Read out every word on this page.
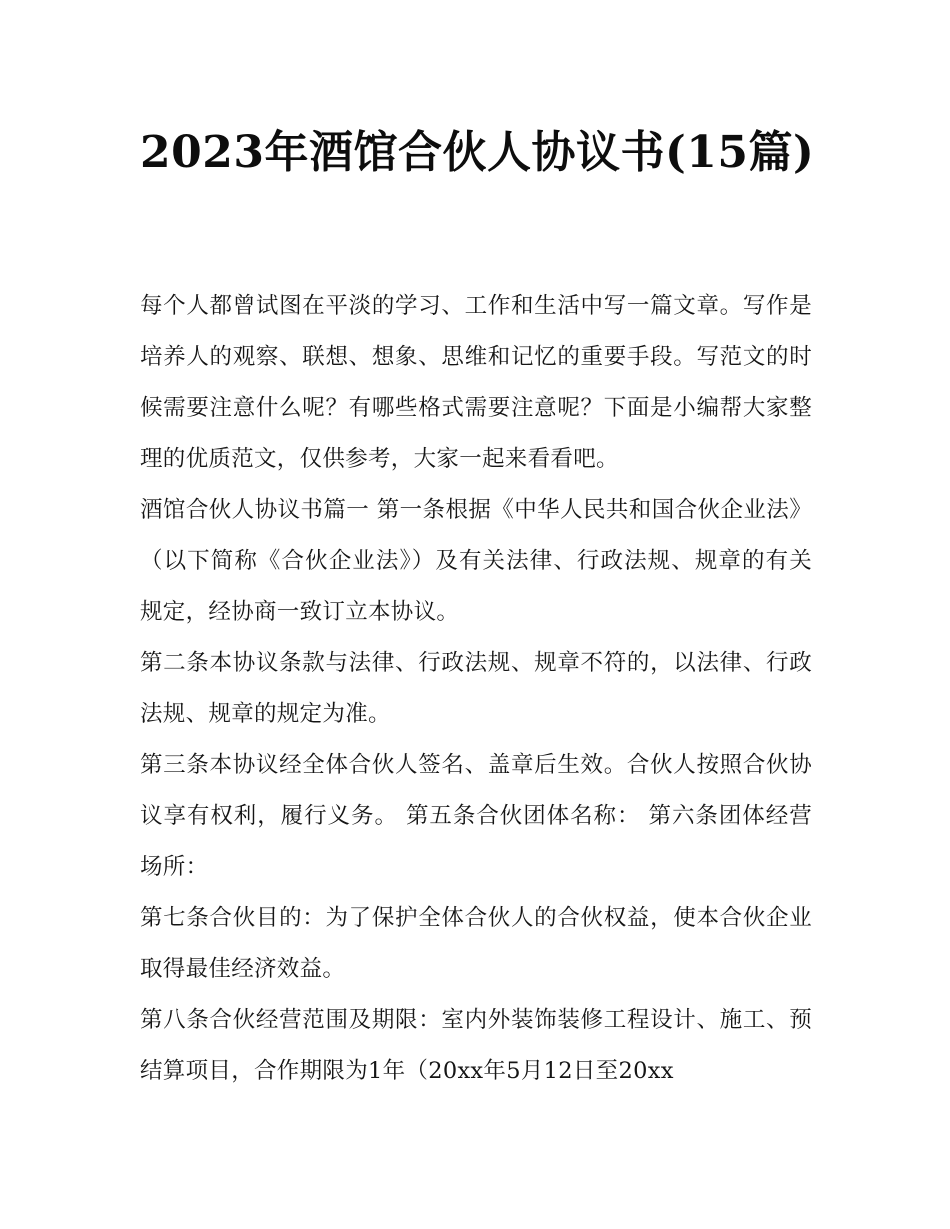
2023年酒馆合伙人协议书(15篇)

每个人都曾试图在平淡的学习、工作和生活中写一篇文章。写作是培养人的观察、联想、想象、思维和记忆的重要手段。写范文的时候需要注意什么呢？有哪些格式需要注意呢？下面是小编帮大家整理的优质范文，仅供参考，大家一起来看看吧。

酒馆合伙人协议书篇一 第一条根据《中华人民共和国合伙企业法》（以下简称《合伙企业法》）及有关法律、行政法规、规章的有关规定，经协商一致订立本协议。

第二条本协议条款与法律、行政法规、规章不符的，以法律、行政法规、规章的规定为准。

第三条本协议经全体合伙人签名、盖章后生效。合伙人按照合伙协议享有权利，履行义务。 第五条合伙团体名称： 第六条团体经营场所：

第七条合伙目的：为了保护全体合伙人的合伙权益，使本合伙企业取得最佳经济效益。

第八条合伙经营范围及期限：室内外装饰装修工程设计、施工、预结算项目，合作期限为1年（20xx年5月12日至20xx
